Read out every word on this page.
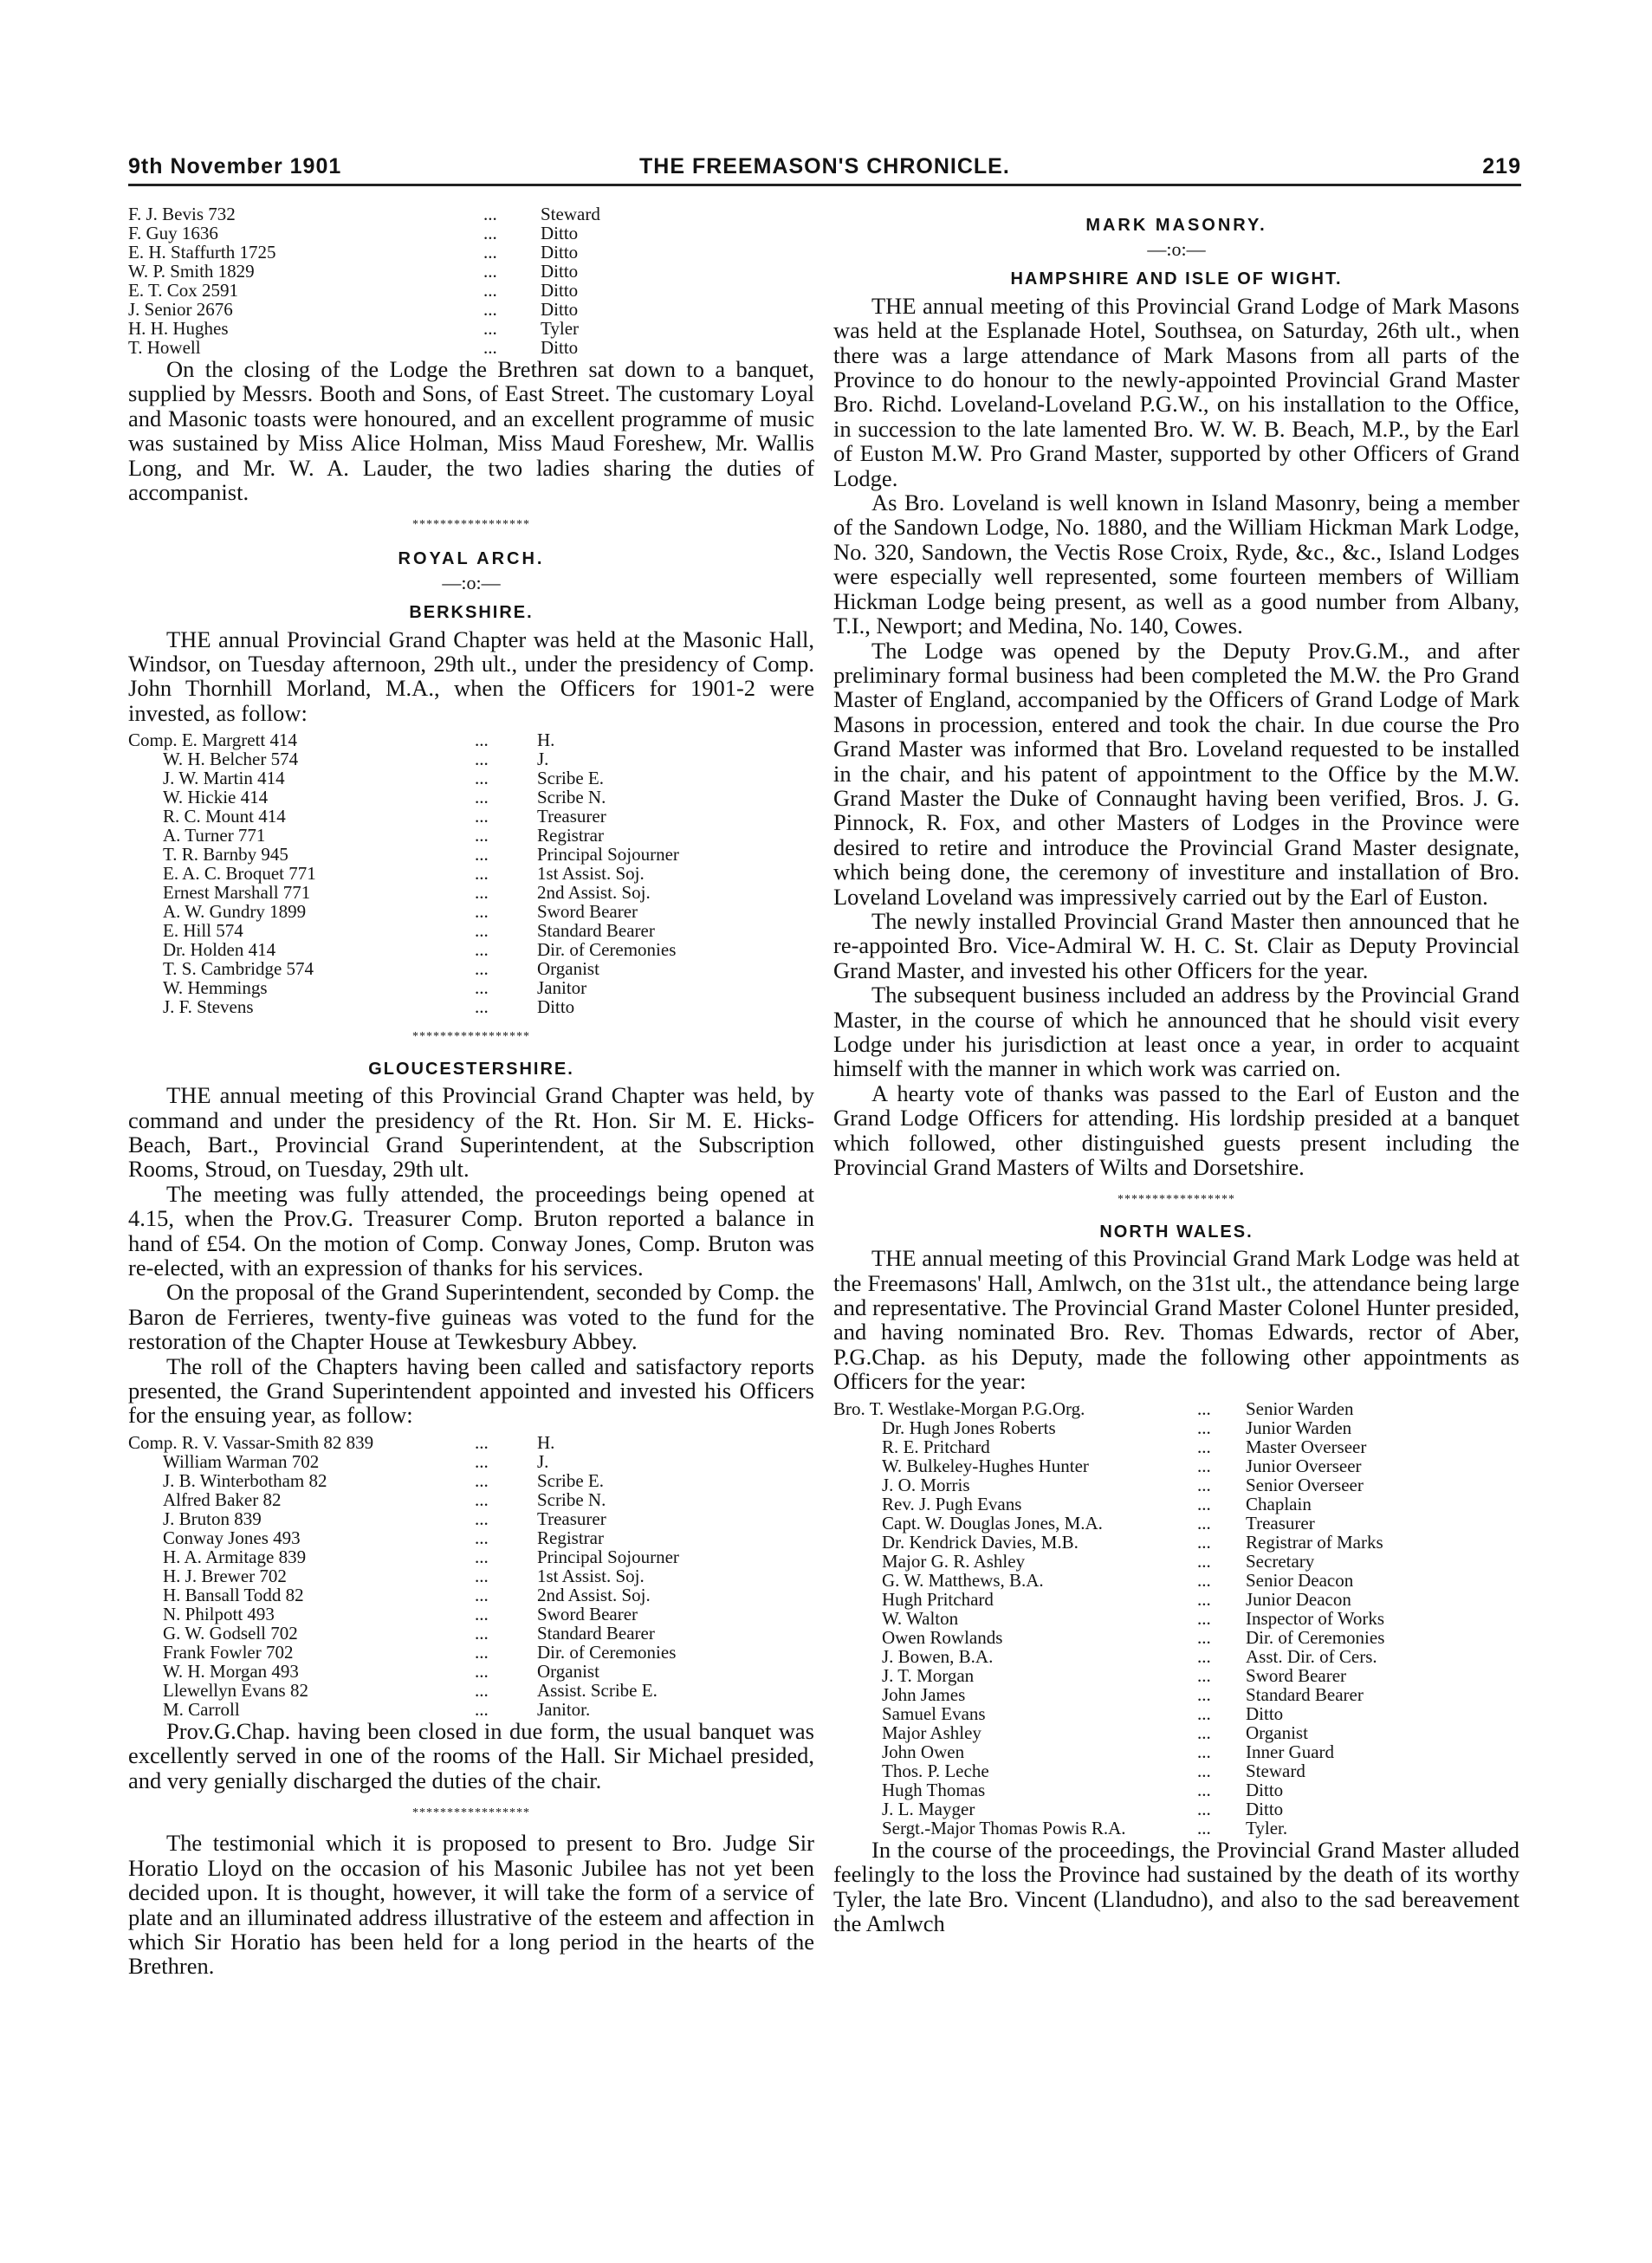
9th November 1901	THE FREEMASON'S CHRONICLE.	219
F. J. Bevis 732	...	Steward
F. Guy 1636	...	Ditto
E. H. Staffurth 1725	...	Ditto
W. P. Smith 1829	...	Ditto
E. T. Cox 2591	...	Ditto
J. Senior 2676	...	Ditto
H. H. Hughes	...	Tyler
T. Howell	...	Ditto

On the closing of the Lodge the Brethren sat down to a banquet, supplied by Messrs. Booth and Sons, of East Street. The customary Loyal and Masonic toasts were honoured, and an excellent programme of music was sustained by Miss Alice Holman, Miss Maud Foreshew, Mr. Wallis Long, and Mr. W. A. Lauder, the two ladies sharing the duties of accompanist.

*****************
ROYAL ARCH.
—:o:—
BERKSHIRE.

THE annual Provincial Grand Chapter was held at the Masonic Hall, Windsor, on Tuesday afternoon, 29th ult., under the presidency of Comp. John Thornhill Morland, M.A., when the Officers for 1901-2 were invested, as follow:

Comp. E. Margrett 414	...	H.
W. H. Belcher 574	...	J.
J. W. Martin 414	...	Scribe E.
W. Hickie 414	...	Scribe N.
R. C. Mount 414	...	Treasurer
A. Turner 771	...	Registrar
T. R. Barnby 945	...	Principal Sojourner
E. A. C. Broquet 771	...	1st Assist. Soj.
Ernest Marshall 771	...	2nd Assist. Soj.
A. W. Gundry 1899	...	Sword Bearer
E. Hill 574	...	Standard Bearer
Dr. Holden 414	...	Dir. of Ceremonies
T. S. Cambridge 574	...	Organist
W. Hemmings	...	Janitor
J. F. Stevens	...	Ditto
*****************
GLOUCESTERSHIRE.

THE annual meeting of this Provincial Grand Chapter was held, by command and under the presidency of the Rt. Hon. Sir M. E. Hicks-Beach, Bart., Provincial Grand Superintendent, at the Subscription Rooms, Stroud, on Tuesday, 29th ult.

The meeting was fully attended, the proceedings being opened at 4.15, when the Prov.G. Treasurer Comp. Bruton reported a balance in hand of £54. On the motion of Comp. Conway Jones, Comp. Bruton was re-elected, with an expression of thanks for his services.

On the proposal of the Grand Superintendent, seconded by Comp. the Baron de Ferrieres, twenty-five guineas was voted to the fund for the restoration of the Chapter House at Tewkesbury Abbey.

The roll of the Chapters having been called and satisfactory reports presented, the Grand Superintendent appointed and invested his Officers for the ensuing year, as follow:

Comp. R. V. Vassar-Smith 82 839	...	H.
William Warman 702	...	J.
J. B. Winterbotham 82	...	Scribe E.
Alfred Baker 82	...	Scribe N.
J. Bruton 839	...	Treasurer
Conway Jones 493	...	Registrar
H. A. Armitage 839	...	Principal Sojourner
H. J. Brewer 702	...	1st Assist. Soj.
H. Bansall Todd 82	...	2nd Assist. Soj.
N. Philpott 493	...	Sword Bearer
G. W. Godsell 702	...	Standard Bearer
Frank Fowler 702	...	Dir. of Ceremonies
W. H. Morgan 493	...	Organist
Llewellyn Evans 82	...	Assist. Scribe E.
M. Carroll	...	Janitor.

Prov.G.Chap. having been closed in due form, the usual banquet was excellently served in one of the rooms of the Hall. Sir Michael presided, and very genially discharged the duties of the chair.

*****************

The testimonial which it is proposed to present to Bro. Judge Sir Horatio Lloyd on the occasion of his Masonic Jubilee has not yet been decided upon. It is thought, however, it will take the form of a service of plate and an illuminated address illustrative of the esteem and affection in which Sir Horatio has been held for a long period in the hearts of the Brethren.

MARK MASONRY.
—:o:—
HAMPSHIRE AND ISLE OF WIGHT.

THE annual meeting of this Provincial Grand Lodge of Mark Masons was held at the Esplanade Hotel, Southsea, on Saturday, 26th ult., when there was a large attendance of Mark Masons from all parts of the Province to do honour to the newly-appointed Provincial Grand Master Bro. Richd. Loveland-Loveland P.G.W., on his installation to the Office, in succession to the late lamented Bro. W. W. B. Beach, M.P., by the Earl of Euston M.W. Pro Grand Master, supported by other Officers of Grand Lodge.

As Bro. Loveland is well known in Island Masonry, being a member of the Sandown Lodge, No. 1880, and the William Hickman Mark Lodge, No. 320, Sandown, the Vectis Rose Croix, Ryde, &c., &c., Island Lodges were especially well represented, some fourteen members of William Hickman Lodge being present, as well as a good number from Albany, T.I., Newport; and Medina, No. 140, Cowes.

The Lodge was opened by the Deputy Prov.G.M., and after preliminary formal business had been completed the M.W. the Pro Grand Master of England, accompanied by the Officers of Grand Lodge of Mark Masons in procession, entered and took the chair. In due course the Pro Grand Master was informed that Bro. Loveland requested to be installed in the chair, and his patent of appointment to the Office by the M.W. Grand Master the Duke of Connaught having been verified, Bros. J. G. Pinnock, R. Fox, and other Masters of Lodges in the Province were desired to retire and introduce the Provincial Grand Master designate, which being done, the ceremony of investiture and installation of Bro. Loveland Loveland was impressively carried out by the Earl of Euston.

The newly installed Provincial Grand Master then announced that he re-appointed Bro. Vice-Admiral W. H. C. St. Clair as Deputy Provincial Grand Master, and invested his other Officers for the year.

The subsequent business included an address by the Provincial Grand Master, in the course of which he announced that he should visit every Lodge under his jurisdiction at least once a year, in order to acquaint himself with the manner in which work was carried on.

A hearty vote of thanks was passed to the Earl of Euston and the Grand Lodge Officers for attending. His lordship presided at a banquet which followed, other distinguished guests present including the Provincial Grand Masters of Wilts and Dorsetshire.

*****************
NORTH WALES.

THE annual meeting of this Provincial Grand Mark Lodge was held at the Freemasons' Hall, Amlwch, on the 31st ult., the attendance being large and representative. The Provincial Grand Master Colonel Hunter presided, and having nominated Bro. Rev. Thomas Edwards, rector of Aber, P.G.Chap. as his Deputy, made the following other appointments as Officers for the year:

Bro. T. Westlake-Morgan P.G.Org.	...	Senior Warden
Dr. Hugh Jones Roberts	...	Junior Warden
R. E. Pritchard	...	Master Overseer
W. Bulkeley-Hughes Hunter	...	Junior Overseer
J. O. Morris	...	Senior Overseer
Rev. J. Pugh Evans	...	Chaplain
Capt. W. Douglas Jones, M.A.	...	Treasurer
Dr. Kendrick Davies, M.B.	...	Registrar of Marks
Major G. R. Ashley	...	Secretary
G. W. Matthews, B.A.	...	Senior Deacon
Hugh Pritchard	...	Junior Deacon
W. Walton	...	Inspector of Works
Owen Rowlands	...	Dir. of Ceremonies
J. Bowen, B.A.	...	Asst. Dir. of Cers.
J. T. Morgan	...	Sword Bearer
John James	...	Standard Bearer
Samuel Evans	...	Ditto
Major Ashley	...	Organist
John Owen	...	Inner Guard
Thos. P. Leche	...	Steward
Hugh Thomas	...	Ditto
J. L. Mayger	...	Ditto
Sergt.-Major Thomas Powis R.A.	...	Tyler.

In the course of the proceedings, the Provincial Grand Master alluded feelingly to the loss the Province had sustained by the death of its worthy Tyler, the late Bro. Vincent (Llandudno), and also to the sad bereavement the Amlwch
